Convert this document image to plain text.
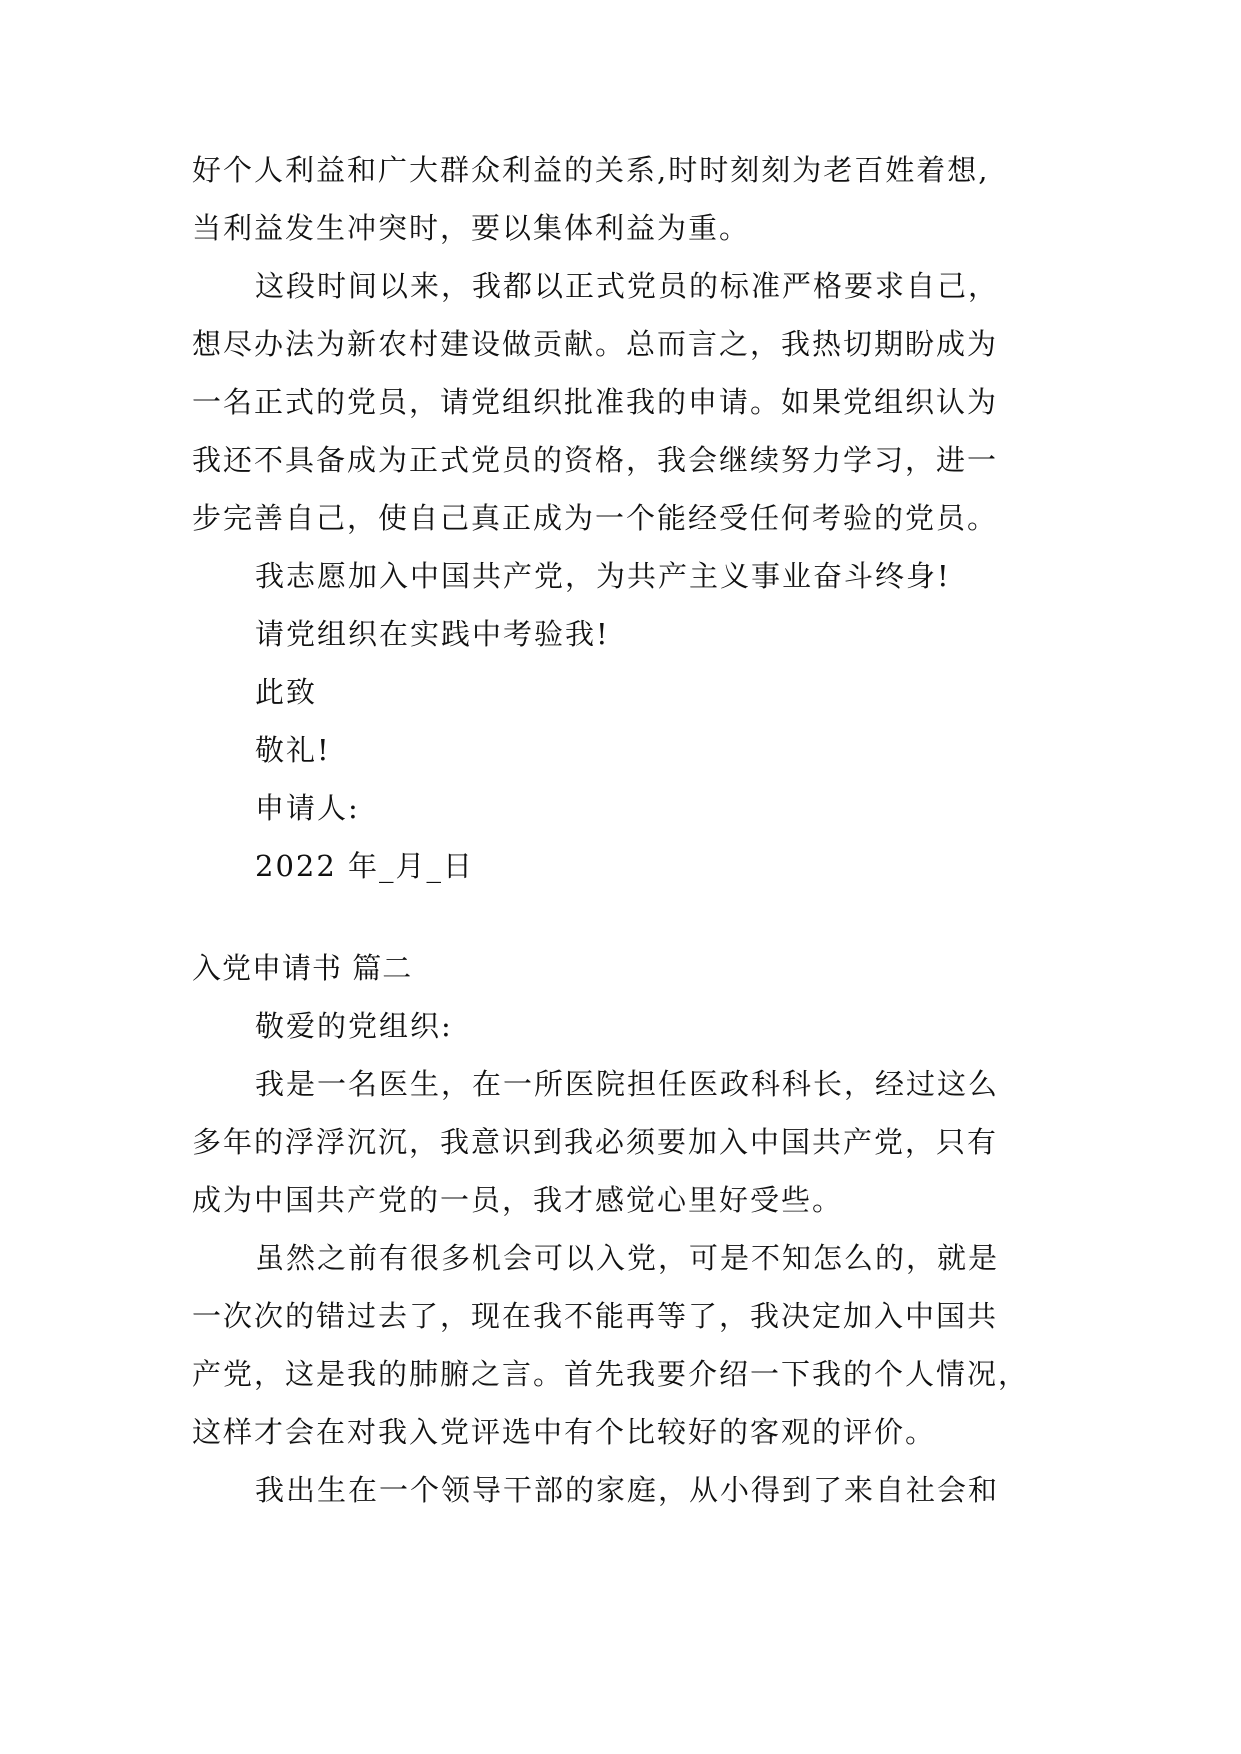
好个人利益和广大群众利益的关系,时时刻刻为老百姓着想,
当利益发生冲突时，要以集体利益为重。
这段时间以来，我都以正式党员的标准严格要求自己，
想尽办法为新农村建设做贡献。总而言之，我热切期盼成为
一名正式的党员，请党组织批准我的申请。如果党组织认为
我还不具备成为正式党员的资格，我会继续努力学习，进一
步完善自己，使自己真正成为一个能经受任何考验的党员。
我志愿加入中国共产党，为共产主义事业奋斗终身!
请党组织在实践中考验我!
此致
敬礼!
申请人:
2022 年_月_日
入党申请书 篇二
敬爱的党组织:
我是一名医生，在一所医院担任医政科科长，经过这么
多年的浮浮沉沉，我意识到我必须要加入中国共产党，只有
成为中国共产党的一员，我才感觉心里好受些。
虽然之前有很多机会可以入党，可是不知怎么的，就是
一次次的错过去了，现在我不能再等了，我决定加入中国共
产党，这是我的肺腑之言。首先我要介绍一下我的个人情况，
这样才会在对我入党评选中有个比较好的客观的评价。
我出生在一个领导干部的家庭，从小得到了来自社会和
